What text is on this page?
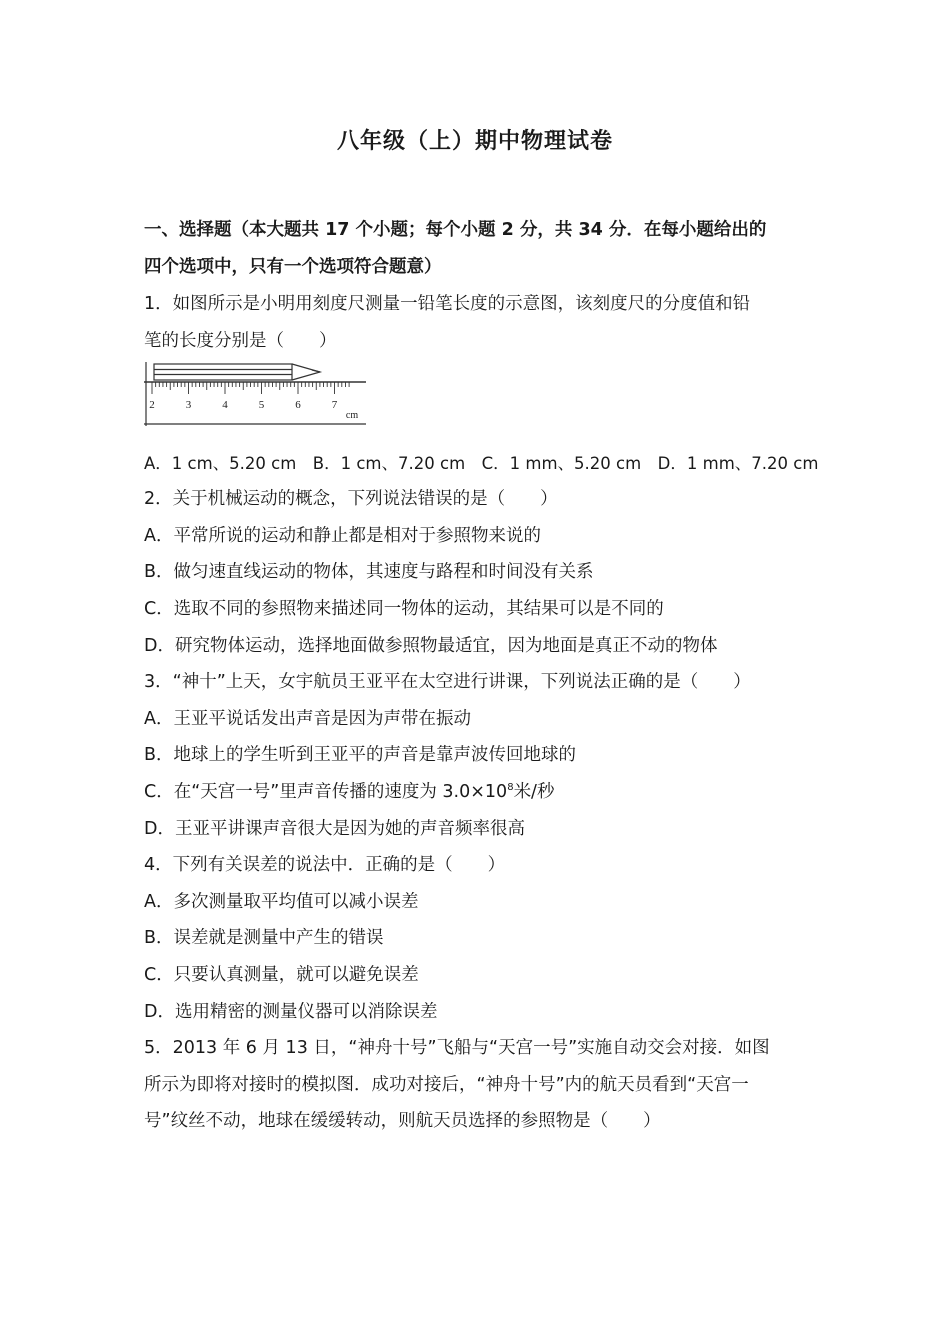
八年级（上）期中物理试卷
一、选择题（本大题共 17 个小题；每个小题 2 分，共 34 分．在每小题给出的
四个选项中，只有一个选项符合题意）
1．如图所示是小明用刻度尺测量一铅笔长度的示意图，该刻度尺的分度值和铅
笔的长度分别是（　　）
2	3	4	5	6	7
cm
A．1 cm、5.20 cm　B．1 cm、7.20 cm　C．1 mm、5.20 cm　D．1 mm、7.20 cm
2．关于机械运动的概念，下列说法错误的是（　　）
A．平常所说的运动和静止都是相对于参照物来说的
B．做匀速直线运动的物体，其速度与路程和时间没有关系
C．选取不同的参照物来描述同一物体的运动，其结果可以是不同的
D．研究物体运动，选择地面做参照物最适宜，因为地面是真正不动的物体
3．“神十”上天，女宇航员王亚平在太空进行讲课，下列说法正确的是（　　）
A．王亚平说话发出声音是因为声带在振动
B．地球上的学生听到王亚平的声音是靠声波传回地球的
C．在“天宫一号”里声音传播的速度为 $3.0\times 10^8$米/秒
D．王亚平讲课声音很大是因为她的声音频率很高
4．下列有关误差的说法中．正确的是（　　）
A．多次测量取平均值可以减小误差
B．误差就是测量中产生的错误
C．只要认真测量，就可以避免误差
D．选用精密的测量仪器可以消除误差
5．2013 年 6 月 13 日，“神舟十号”飞船与“天宫一号”实施自动交会对接．如图
所示为即将对接时的模拟图．成功对接后，“神舟十号”内的航天员看到“天宫一
号”纹丝不动，地球在缓缓转动，则航天员选择的参照物是（　　）
